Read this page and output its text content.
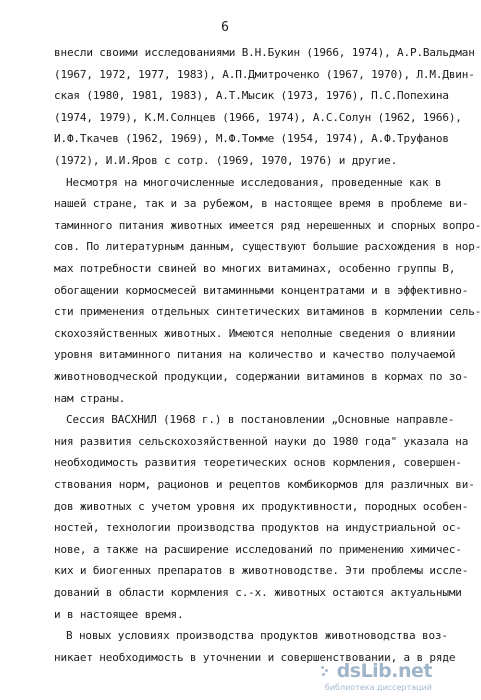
6
внесли своими исследованиями В.Н.Букин (1966, 1974), А.Р.Вальдман
(1967, 1972, 1977, 1983), А.П.Дмитроченко (1967, 1970), Л.М.Двин-
ская (1980, 1981, 1983), А.Т.Мысик (1973, 1976), П.С.Попехина
(1974, 1979), К.М.Солнцев (1966, 1974), А.С.Солун (1962, 1966),
И.Ф.Ткачев (1962, 1969), М.Ф.Томме (1954, 1974), А.Ф.Труфанов
(1972), И.И.Яров с сотр. (1969, 1970, 1976) и другие.
Несмотря на многочисленные исследования, проведенные как в
нашей стране, так и за рубежом, в настоящее время в проблеме ви-
таминного питания животных имеется ряд нерешенных и спорных вопро-
сов. По литературным данным, существуют большие расхождения в нор-
мах потребности свиней во многих витаминах, особенно группы В,
обогащении кормосмесей витаминными концентратами и в эффективно-
сти применения отдельных синтетических витаминов в кормлении сель-
скохозяйственных животных. Имеются неполные сведения о влиянии
уровня витаминного питания на количество и качество получаемой
животноводческой продукции, содержании витаминов в кормах по зо-
нам страны.
Сессия ВАСХНИЛ (1968 г.) в постановлении „Основные направле-
ния развития сельскохозяйственной науки до 1980 года" указала на
необходимость развития теоретических основ кормления, совершен-
ствования норм, рационов и рецептов комбикормов для различных ви-
дов животных с учетом уровня их продуктивности, породных особен-
ностей, технологии производства продуктов на индустриальной ос-
нове, а также на расширение исследований по применению химичес-
ких и биогенных препаратов в животноводстве. Эти проблемы иссле-
дований в области кормления с.-х. животных остаются актуальными
и в настоящее время.
В новых условиях производства продуктов животноводства воз-
никает необходимость в уточнении и совершенствовании, а в ряде
dsLib.net
библиотека диссертаций
